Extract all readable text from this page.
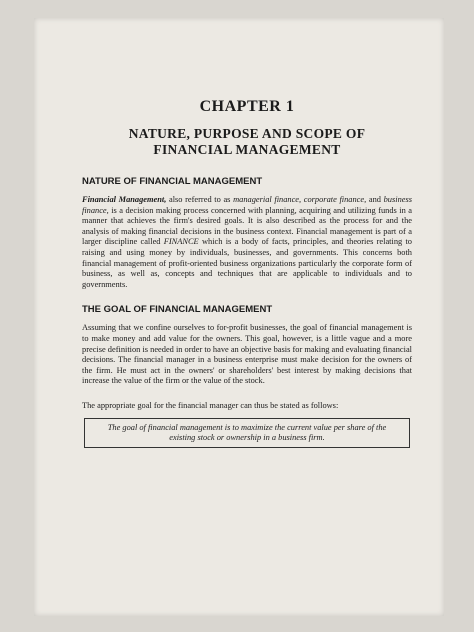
CHAPTER 1
NATURE, PURPOSE AND SCOPE OF
FINANCIAL MANAGEMENT
NATURE OF FINANCIAL MANAGEMENT

Financial Management, also referred to as managerial finance, corporate finance, and business finance, is a decision making process concerned with planning, acquiring and utilizing funds in a manner that achieves the firm's desired goals. It is also described as the process for and the analysis of making financial decisions in the business context. Financial management is part of a larger discipline called FINANCE which is a body of facts, principles, and theories relating to raising and using money by individuals, businesses, and governments. This concerns both financial management of profit-oriented business organizations particularly the corporate form of business, as well as, concepts and techniques that are applicable to individuals and to governments.

THE GOAL OF FINANCIAL MANAGEMENT

Assuming that we confine ourselves to for-profit businesses, the goal of financial management is to make money and add value for the owners. This goal, however, is a little vague and a more precise definition is needed in order to have an objective basis for making and evaluating financial decisions. The financial manager in a business enterprise must make decision for the owners of the firm. He must act in the owners' or shareholders' best interest by making decisions that increase the value of the firm or the value of the stock.

The appropriate goal for the financial manager can thus be stated as follows:

The goal of financial management is to maximize the current value per share of the existing stock or ownership in a business firm.
